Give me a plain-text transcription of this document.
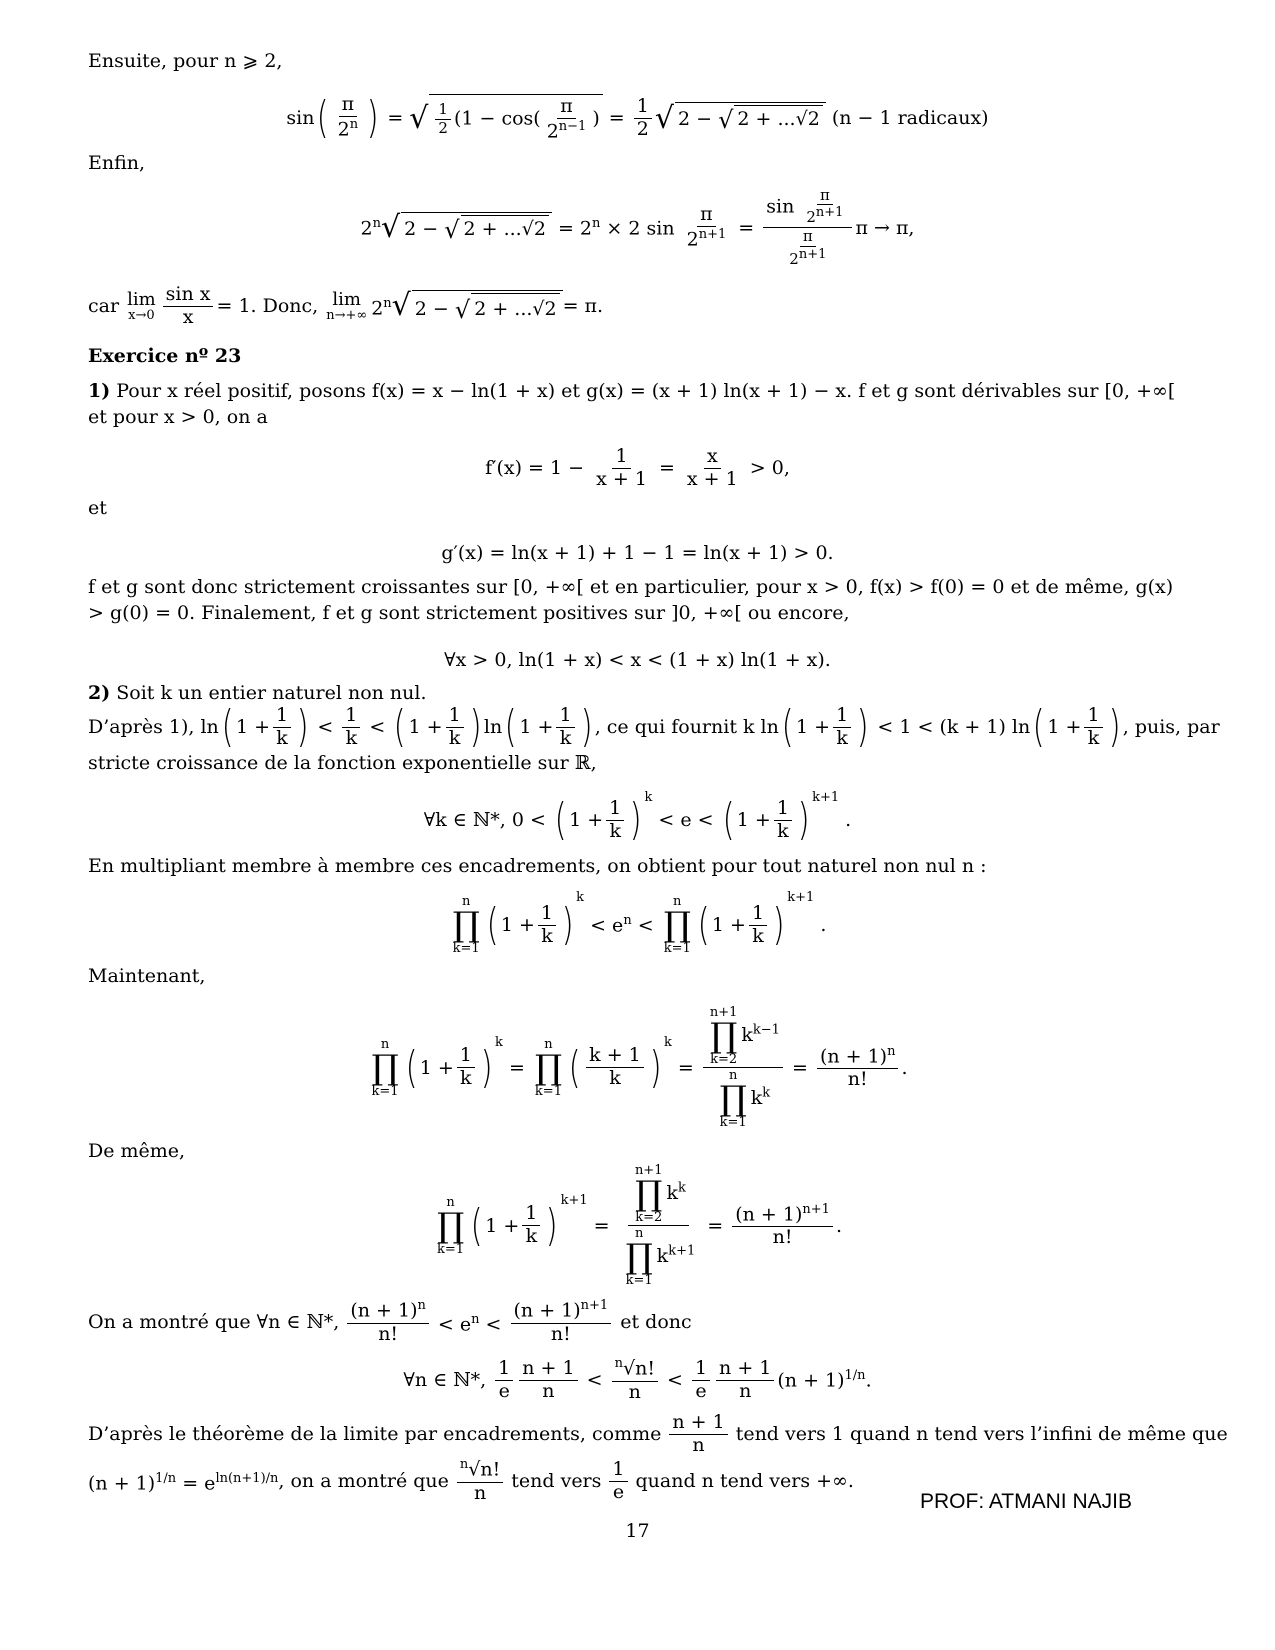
Ensuite, pour n ⩾ 2,
sin ( $\frac{\pi}{2^n}$ ) = √ $\frac{1}{2} (1 - \cos( \frac{\pi}{2^{n-1}}$ ) = $\frac{1}{2}$ √ 2 − √ 2 + ...√2
(n − 1 radicaux)
Enfin,
2$^n$ √ 2 − √ $2 + ...√2 = 2^n \times 2$ $\sin \frac{\pi}{2^{n+1}} = \frac{\sin \frac{\pi}{2^{n+1}}}{\frac{\pi}{2^{n+1}}}$ π → π,
car lim
$x\to 0 \frac{\text{sin x}}{x} = 1$. Donc, lim
n→+∞ 2$^n$ √ 2 − √ 2 + ...√2 = π.
Exercice nº 23
1) Pour x réel positif, posons f(x) = x − ln(1 + x) et g(x) = (x + 1) ln(x + 1) − x. f et g sont dérivables sur [0, +∞[ et pour x > 0, on a
$f'(x) = 1 - \frac{1}{x + 1} = \frac{x}{x + 1} > 0$,
et
g′(x) = ln(x + 1) + 1 − 1 = ln(x + 1) > 0.
f et g sont donc strictement croissantes sur [0, +∞[ et en particulier, pour x > 0, f(x) > f(0) = 0 et de même, g(x) > g(0) = 0. Finalement, f et g sont strictement positives sur ]0, +∞[ ou encore,
∀x > 0, ln(1 + x) < x < (1 + x) ln(1 + x).
2) Soit k un entier naturel non nul.
D’après 1), ln ( $1 + \frac{1}{k}$ ) < $\frac{1}{k}$ < ( $1 + \frac{1}{k}$ ) ln ( $1 + \frac{1}{k}$ ) , ce qui fournit k ln ( $1 + \frac{1}{k}$ ) < 1 < (k + 1) ln ( $1 + \frac{1}{k}$ ) , puis, par
stricte croissance de la fonction exponentielle sur ℝ,
∀k ∈ ℕ*, 0 < ( $1 + \frac{1}{k} )^k$
< e < ( $1 + \frac{1}{k} )^{k+1}$
.
En multipliant membre à membre ces encadrements, on obtient pour tout naturel non nul n :
n
∏
k=1 ( $1 + \frac{1}{k}$ )
$^k$
< $e^n$ <
n
∏
k=1 ( $1 + \frac{1}{k}$ )
$^{k+1}$
.
Maintenant,
n
∏
k=1 ( $1 + \frac{1}{k} )^k$
=
n
∏
k=1 ( $\frac{k + 1}{k} )^k$
= n+1
∏
k=2
$k^{k-1}$
n
∏
k=1
$k^k = \frac{(n + 1)^n}{n!}$ .
De même,
n
∏
k=1 ( $1 + \frac{1}{k} )^{k+1}$
= n+1
∏
k=2
$k^k$
n
∏
k=1
$k^{k+1} = \frac{(n + 1)^{n+1}}{n!}$ .
On a montré que ∀n ∈ ℕ*, $\frac{(n + 1)^n}{n!} < e^n < \frac{(n + 1)^{n+1}}{n!}$
et donc
∀n ∈ ℕ*, $\frac{1}{e} \frac{n + 1}{n} < \frac{^n√n!}{n} < \frac{1}{e} \frac{n + 1}{n} (n + 1)^{1/n}$.
D’après le théorème de la limite par encadrements, comme $\frac{n + 1}{n}$ tend vers 1 quand n tend vers l’infini de même que
$(n + 1)^{1/n} = e^{ln(n+1)/n}$ , on a montré que $\frac{^n√n!}{n}$ tend vers $\frac{1}{e}$ quand n tend vers +∞.
PROF: ATMANI NAJIB
17
